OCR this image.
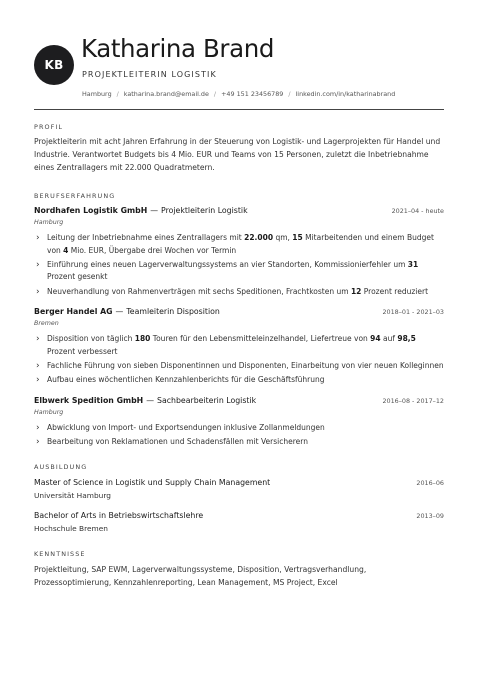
KB
Katharina Brand
PROJEKTLEITERIN LOGISTIK
Hamburg / katharina.brand@email.de / +49 151 23456789 / linkedin.com/in/katharinabrand
PROFIL
Projektleiterin mit acht Jahren Erfahrung in der Steuerung von Logistik- und Lagerprojekten für Handel und Industrie. Verantwortet Budgets bis 4 Mio. EUR und Teams von 15 Personen, zuletzt die Inbetriebnahme eines Zentrallagers mit 22.000 Quadratmetern.
BERUFSERFAHRUNG
Nordhafen Logistik GmbH — Projektleiterin Logistik	2021–04 - heute
Hamburg
› Leitung der Inbetriebnahme eines Zentrallagers mit 22.000 qm, 15 Mitarbeitenden und einem Budget von 4 Mio. EUR, Übergabe drei Wochen vor Termin
› Einführung eines neuen Lagerverwaltungssystems an vier Standorten, Kommissionierfehler um 31 Prozent gesenkt
› Neuverhandlung von Rahmenverträgen mit sechs Speditionen, Frachtkosten um 12 Prozent reduziert
Berger Handel AG — Teamleiterin Disposition	2018–01 - 2021–03
Bremen
› Disposition von täglich 180 Touren für den Lebensmitteleinzelhandel, Liefertreue von 94 auf 98,5 Prozent verbessert
› Fachliche Führung von sieben Disponentinnen und Disponenten, Einarbeitung von vier neuen Kolleginnen
› Aufbau eines wöchentlichen Kennzahlenberichts für die Geschäftsführung
Elbwerk Spedition GmbH — Sachbearbeiterin Logistik	2016–08 - 2017–12
Hamburg
› Abwicklung von Import- und Exportsendungen inklusive Zollanmeldungen
› Bearbeitung von Reklamationen und Schadensfällen mit Versicherern
AUSBILDUNG
Master of Science in Logistik und Supply Chain Management	2016–06
Universität Hamburg
Bachelor of Arts in Betriebswirtschaftslehre	2013–09
Hochschule Bremen
KENNTNISSE
Projektleitung, SAP EWM, Lagerverwaltungssysteme, Disposition, Vertragsverhandlung, Prozessoptimierung, Kennzahlenreporting, Lean Management, MS Project, Excel
